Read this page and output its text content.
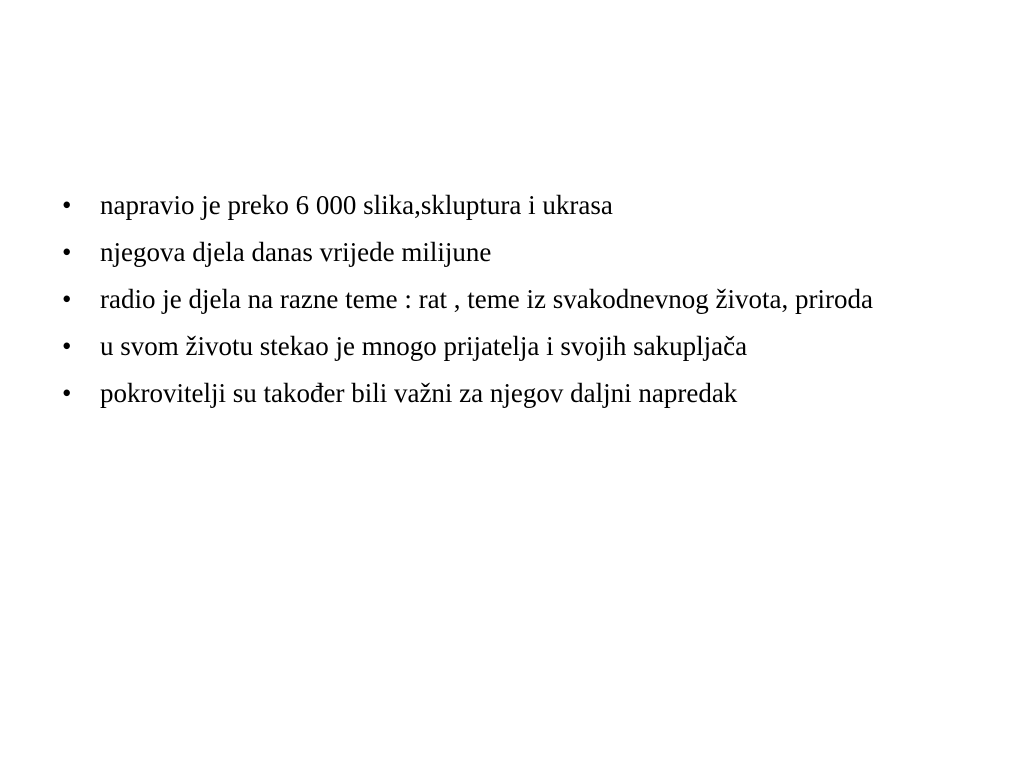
•	napravio je preko 6 000 slika,skluptura i ukrasa
•	njegova djela danas vrijede milijune
•	radio je djela na razne teme : rat , teme iz svakodnevnog života, priroda
•	u svom životu stekao je mnogo prijatelja i svojih sakupljača
•	pokrovitelji su također bili važni za njegov daljni napredak
